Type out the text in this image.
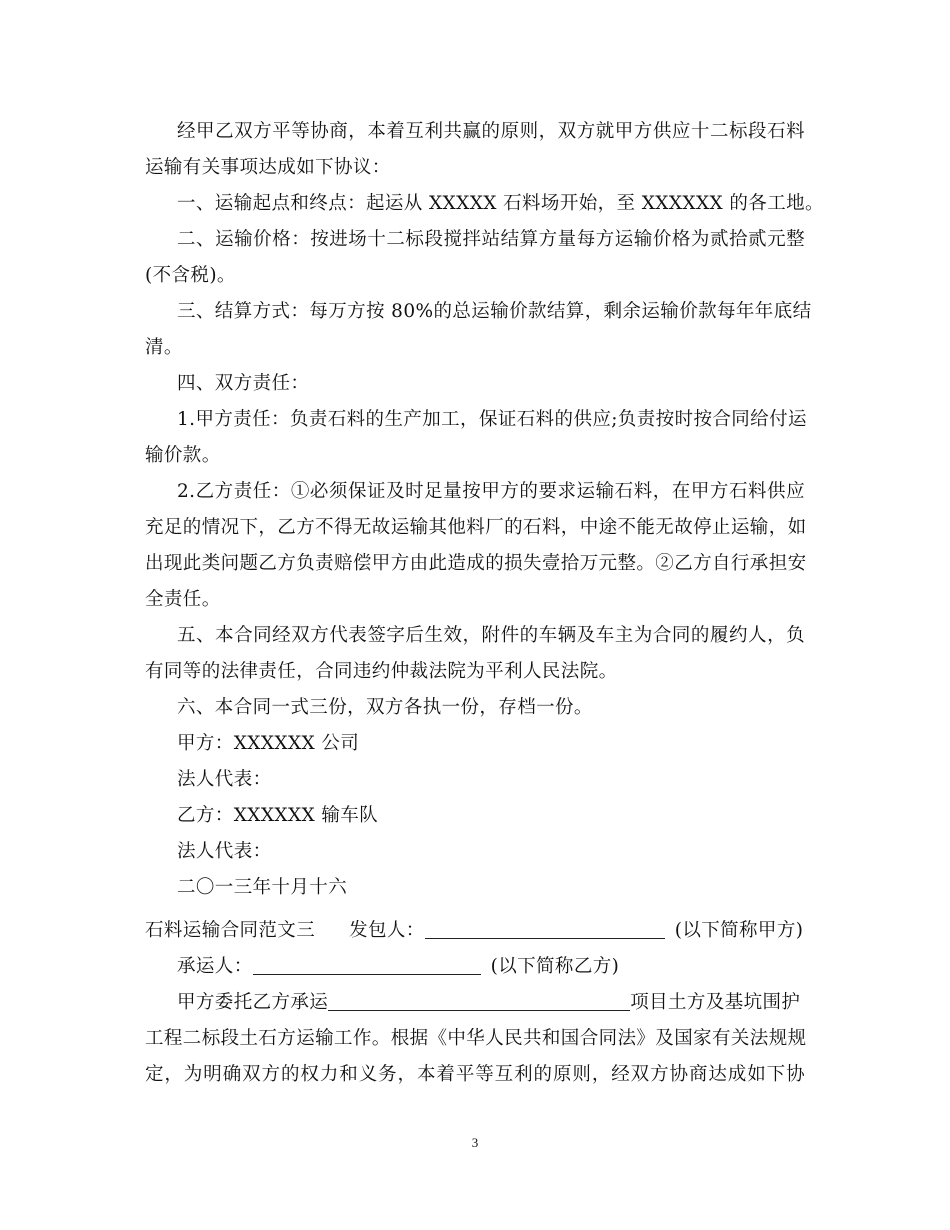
经甲乙双方平等协商，本着互利共赢的原则，双方就甲方供应十二标段石料
运输有关事项达成如下协议：
一、运输起点和终点：起运从 XXXXX 石料场开始，至 XXXXXX 的各工地。
二、运输价格：按进场十二标段搅拌站结算方量每方运输价格为贰拾贰元整
(不含税)。
三、结算方式：每万方按 80%的总运输价款结算，剩余运输价款每年年底结
清。
四、双方责任：
1.甲方责任：负责石料的生产加工，保证石料的供应;负责按时按合同给付运
输价款。
2.乙方责任：①必须保证及时足量按甲方的要求运输石料，在甲方石料供应
充足的情况下，乙方不得无故运输其他料厂的石料，中途不能无故停止运输，如
出现此类问题乙方负责赔偿甲方由此造成的损失壹拾万元整。②乙方自行承担安
全责任。
五、本合同经双方代表签字后生效，附件的车辆及车主为合同的履约人，负
有同等的法律责任，合同违约仲裁法院为平利人民法院。
六、本合同一式三份，双方各执一份，存档一份。
甲方：XXXXXX 公司
法人代表：
乙方：XXXXXX 输车队
法人代表：
二〇一三年十月十六
石料运输合同范文三 发包人：	(以下简称甲方)
承运人：	(以下简称乙方)
甲方委托乙方承运	项目土方及基坑围护
工程二标段土石方运输工作。根据《中华人民共和国合同法》及国家有关法规规
定，为明确双方的权力和义务，本着平等互利的原则，经双方协商达成如下协
3
